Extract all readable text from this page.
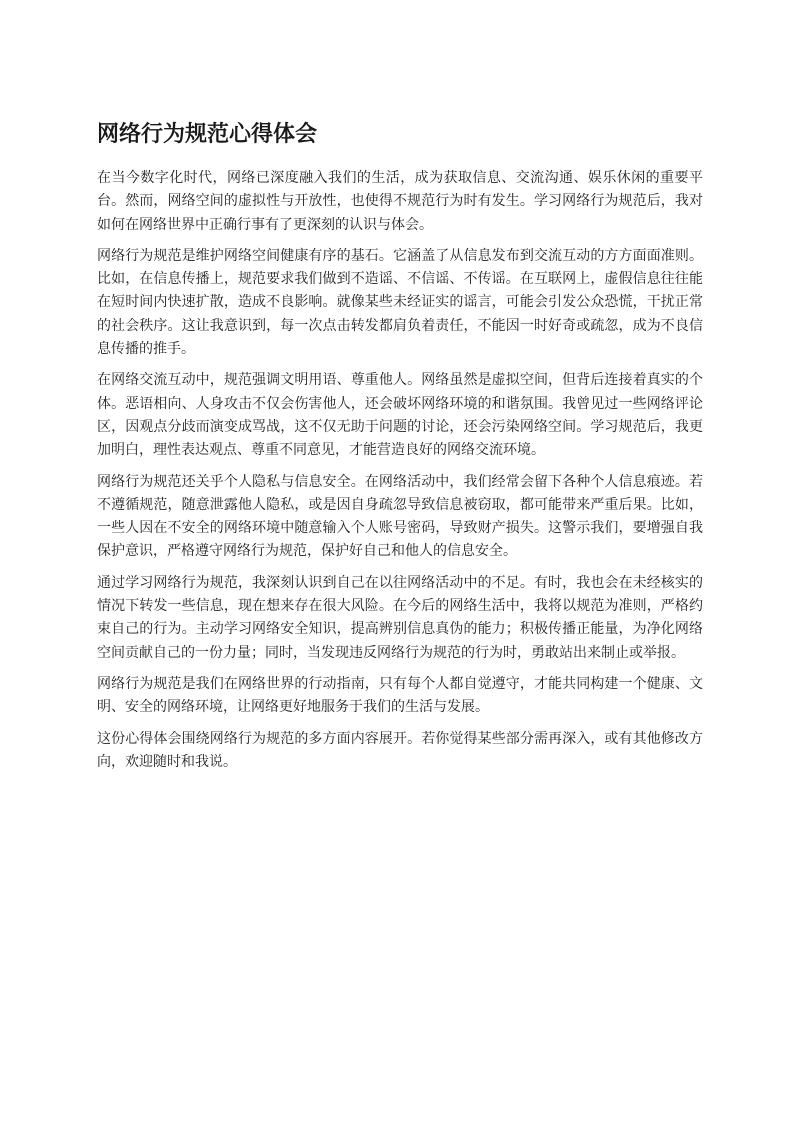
网络行为规范心得体会

在当今数字化时代，网络已深度融入我们的生活，成为获取信息、交流沟通、娱乐休闲的重要平台。然而，网络空间的虚拟性与开放性，也使得不规范行为时有发生。学习网络行为规范后，我对如何在网络世界中正确行事有了更深刻的认识与体会。

网络行为规范是维护网络空间健康有序的基石。它涵盖了从信息发布到交流互动的方方面面准则。比如，在信息传播上，规范要求我们做到不造谣、不信谣、不传谣。在互联网上，虚假信息往往能在短时间内快速扩散，造成不良影响。就像某些未经证实的谣言，可能会引发公众恐慌，干扰正常的社会秩序。这让我意识到，每一次点击转发都肩负着责任，不能因一时好奇或疏忽，成为不良信息传播的推手。

在网络交流互动中，规范强调文明用语、尊重他人。网络虽然是虚拟空间，但背后连接着真实的个体。恶语相向、人身攻击不仅会伤害他人，还会破坏网络环境的和谐氛围。我曾见过一些网络评论区，因观点分歧而演变成骂战，这不仅无助于问题的讨论，还会污染网络空间。学习规范后，我更加明白，理性表达观点、尊重不同意见，才能营造良好的网络交流环境。

网络行为规范还关乎个人隐私与信息安全。在网络活动中，我们经常会留下各种个人信息痕迹。若不遵循规范，随意泄露他人隐私，或是因自身疏忽导致信息被窃取，都可能带来严重后果。比如，一些人因在不安全的网络环境中随意输入个人账号密码，导致财产损失。这警示我们，要增强自我保护意识，严格遵守网络行为规范，保护好自己和他人的信息安全。

通过学习网络行为规范，我深刻认识到自己在以往网络活动中的不足。有时，我也会在未经核实的情况下转发一些信息，现在想来存在很大风险。在今后的网络生活中，我将以规范为准则，严格约束自己的行为。主动学习网络安全知识，提高辨别信息真伪的能力；积极传播正能量，为净化网络空间贡献自己的一份力量；同时，当发现违反网络行为规范的行为时，勇敢站出来制止或举报。

网络行为规范是我们在网络世界的行动指南，只有每个人都自觉遵守，才能共同构建一个健康、文明、安全的网络环境，让网络更好地服务于我们的生活与发展。

这份心得体会围绕网络行为规范的多方面内容展开。若你觉得某些部分需再深入，或有其他修改方向，欢迎随时和我说。
